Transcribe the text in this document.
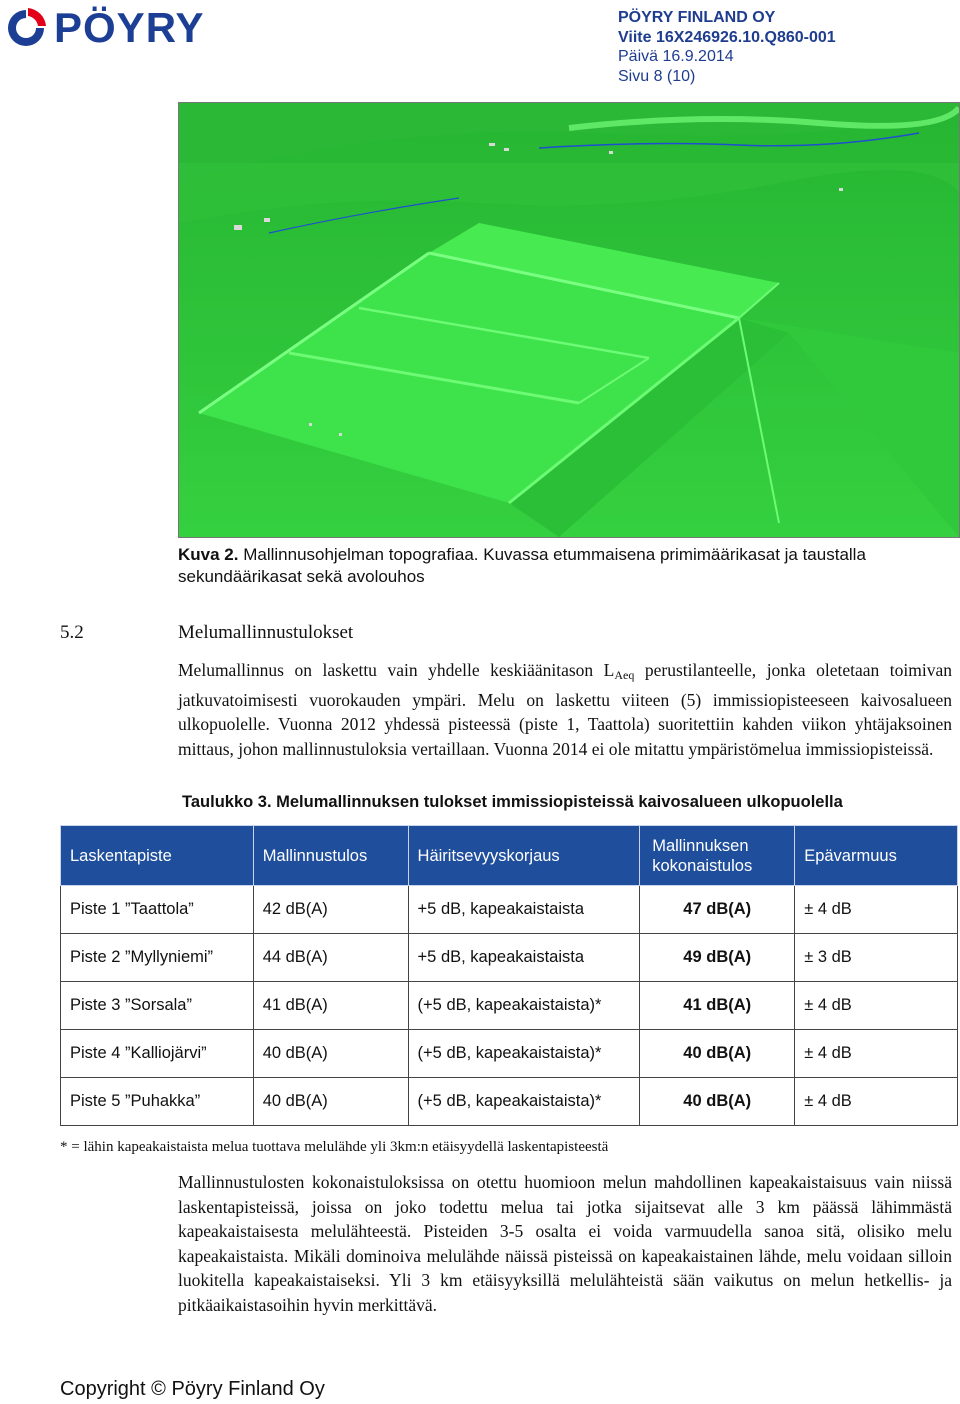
PÖYRY	PÖYRY FINLAND OY
Viite 16X246926.10.Q860-001
Päivä 16.9.2014
Sivu 8 (10)
Kuva 2. Mallinnusohjelman topografiaa. Kuvassa etummaisena primimäärikasat ja taustalla sekundäärikasat sekä avolouhos
5.2	Melumallinnustulokset
Melumallinnus on laskettu vain yhdelle keskiäänitason $L_{Aeq}$ perustilanteelle, jonka oletetaan toimivan jatkuvatoimisesti vuorokauden ympäri. Melu on laskettu viiteen (5) immissiopisteeseen kaivosalueen ulkopuolelle. Vuonna 2012 yhdessä pisteessä (piste 1, Taattola) suoritettiin kahden viikon yhtäjaksoinen mittaus, johon mallinnustuloksia vertaillaan. Vuonna 2014 ei ole mitattu ympäristömelua immissiopisteissä.
Taulukko 3. Melumallinnuksen tulokset immissiopisteissä kaivosalueen ulkopuolella
Laskentapiste	Mallinnustulos	Häiritsevyyskorjaus	Mallinnuksen kokonaistulos	Epävarmuus
Piste 1 ”Taattola”	42 dB(A)	+5 dB, kapeakaistaista	47 dB(A)	± 4 dB
Piste 2 ”Myllyniemi”	44 dB(A)	+5 dB, kapeakaistaista	49 dB(A)	± 3 dB
Piste 3 ”Sorsala”	41 dB(A)	(+5 dB, kapeakaistaista)*	41 dB(A)	± 4 dB
Piste 4 ”Kalliojärvi”	40 dB(A)	(+5 dB, kapeakaistaista)*	40 dB(A)	± 4 dB
Piste 5 ”Puhakka”	40 dB(A)	(+5 dB, kapeakaistaista)*	40 dB(A)	± 4 dB
* = lähin kapeakaistaista melua tuottava melulähde yli 3km:n etäisyydellä laskentapisteestä
Mallinnustulosten kokonaistuloksissa on otettu huomioon melun mahdollinen kapeakaistaisuus vain niissä laskentapisteissä, joissa on joko todettu melua tai jotka sijaitsevat alle 3 km päässä lähimmästä kapeakaistaisesta melulähteestä. Pisteiden 3-5 osalta ei voida varmuudella sanoa sitä, olisiko melu kapeakaistaista. Mikäli dominoiva melulähde näissä pisteissä on kapeakaistainen lähde, melu voidaan silloin luokitella kapeakaistaiseksi. Yli 3 km etäisyyksillä melulähteistä sään vaikutus on melun hetkellis- ja pitkäaikaistasoihin hyvin merkittävä.
Copyright © Pöyry Finland Oy
